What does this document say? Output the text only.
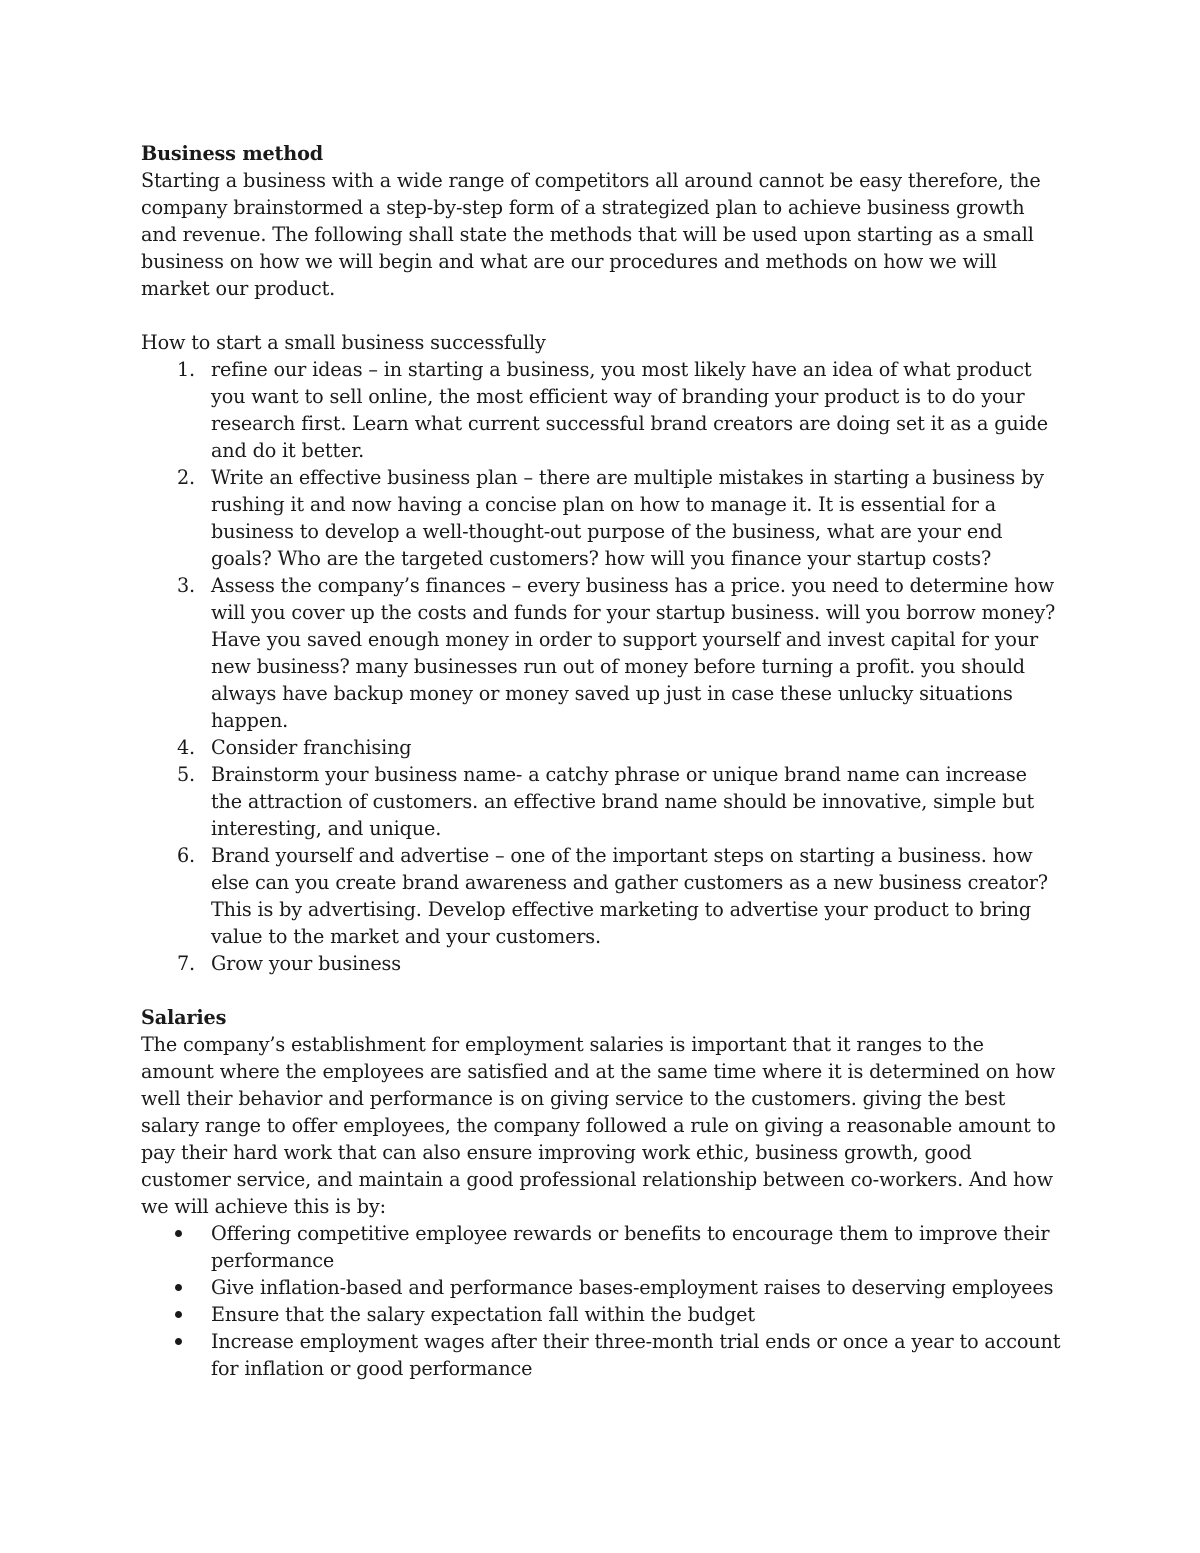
Business method

Starting a business with a wide range of competitors all around cannot be easy therefore, the company brainstormed a step-by-step form of a strategized plan to achieve business growth and revenue. The following shall state the methods that will be used upon starting as a small business on how we will begin and what are our procedures and methods on how we will market our product.

How to start a small business successfully

1. refine our ideas – in starting a business, you most likely have an idea of what product you want to sell online, the most efficient way of branding your product is to do your research first. Learn what current successful brand creators are doing set it as a guide and do it better.
2. Write an effective business plan – there are multiple mistakes in starting a business by rushing it and now having a concise plan on how to manage it. It is essential for a business to develop a well-thought-out purpose of the business, what are your end goals? Who are the targeted customers? how will you finance your startup costs?
3. Assess the company’s finances – every business has a price. you need to determine how will you cover up the costs and funds for your startup business. will you borrow money? Have you saved enough money in order to support yourself and invest capital for your new business? many businesses run out of money before turning a profit. you should always have backup money or money saved up just in case these unlucky situations happen.
4. Consider franchising
5. Brainstorm your business name- a catchy phrase or unique brand name can increase the attraction of customers. an effective brand name should be innovative, simple but interesting, and unique.
6. Brand yourself and advertise – one of the important steps on starting a business. how else can you create brand awareness and gather customers as a new business creator? This is by advertising. Develop effective marketing to advertise your product to bring value to the market and your customers.
7. Grow your business

Salaries

The company’s establishment for employment salaries is important that it ranges to the amount where the employees are satisfied and at the same time where it is determined on how well their behavior and performance is on giving service to the customers. giving the best salary range to offer employees, the company followed a rule on giving a reasonable amount to pay their hard work that can also ensure improving work ethic, business growth, good customer service, and maintain a good professional relationship between co-workers. And how we will achieve this is by:

Offering competitive employee rewards or benefits to encourage them to improve their performance
Give inflation-based and performance bases-employment raises to deserving employees
Ensure that the salary expectation fall within the budget
Increase employment wages after their three-month trial ends or once a year to account for inflation or good performance
